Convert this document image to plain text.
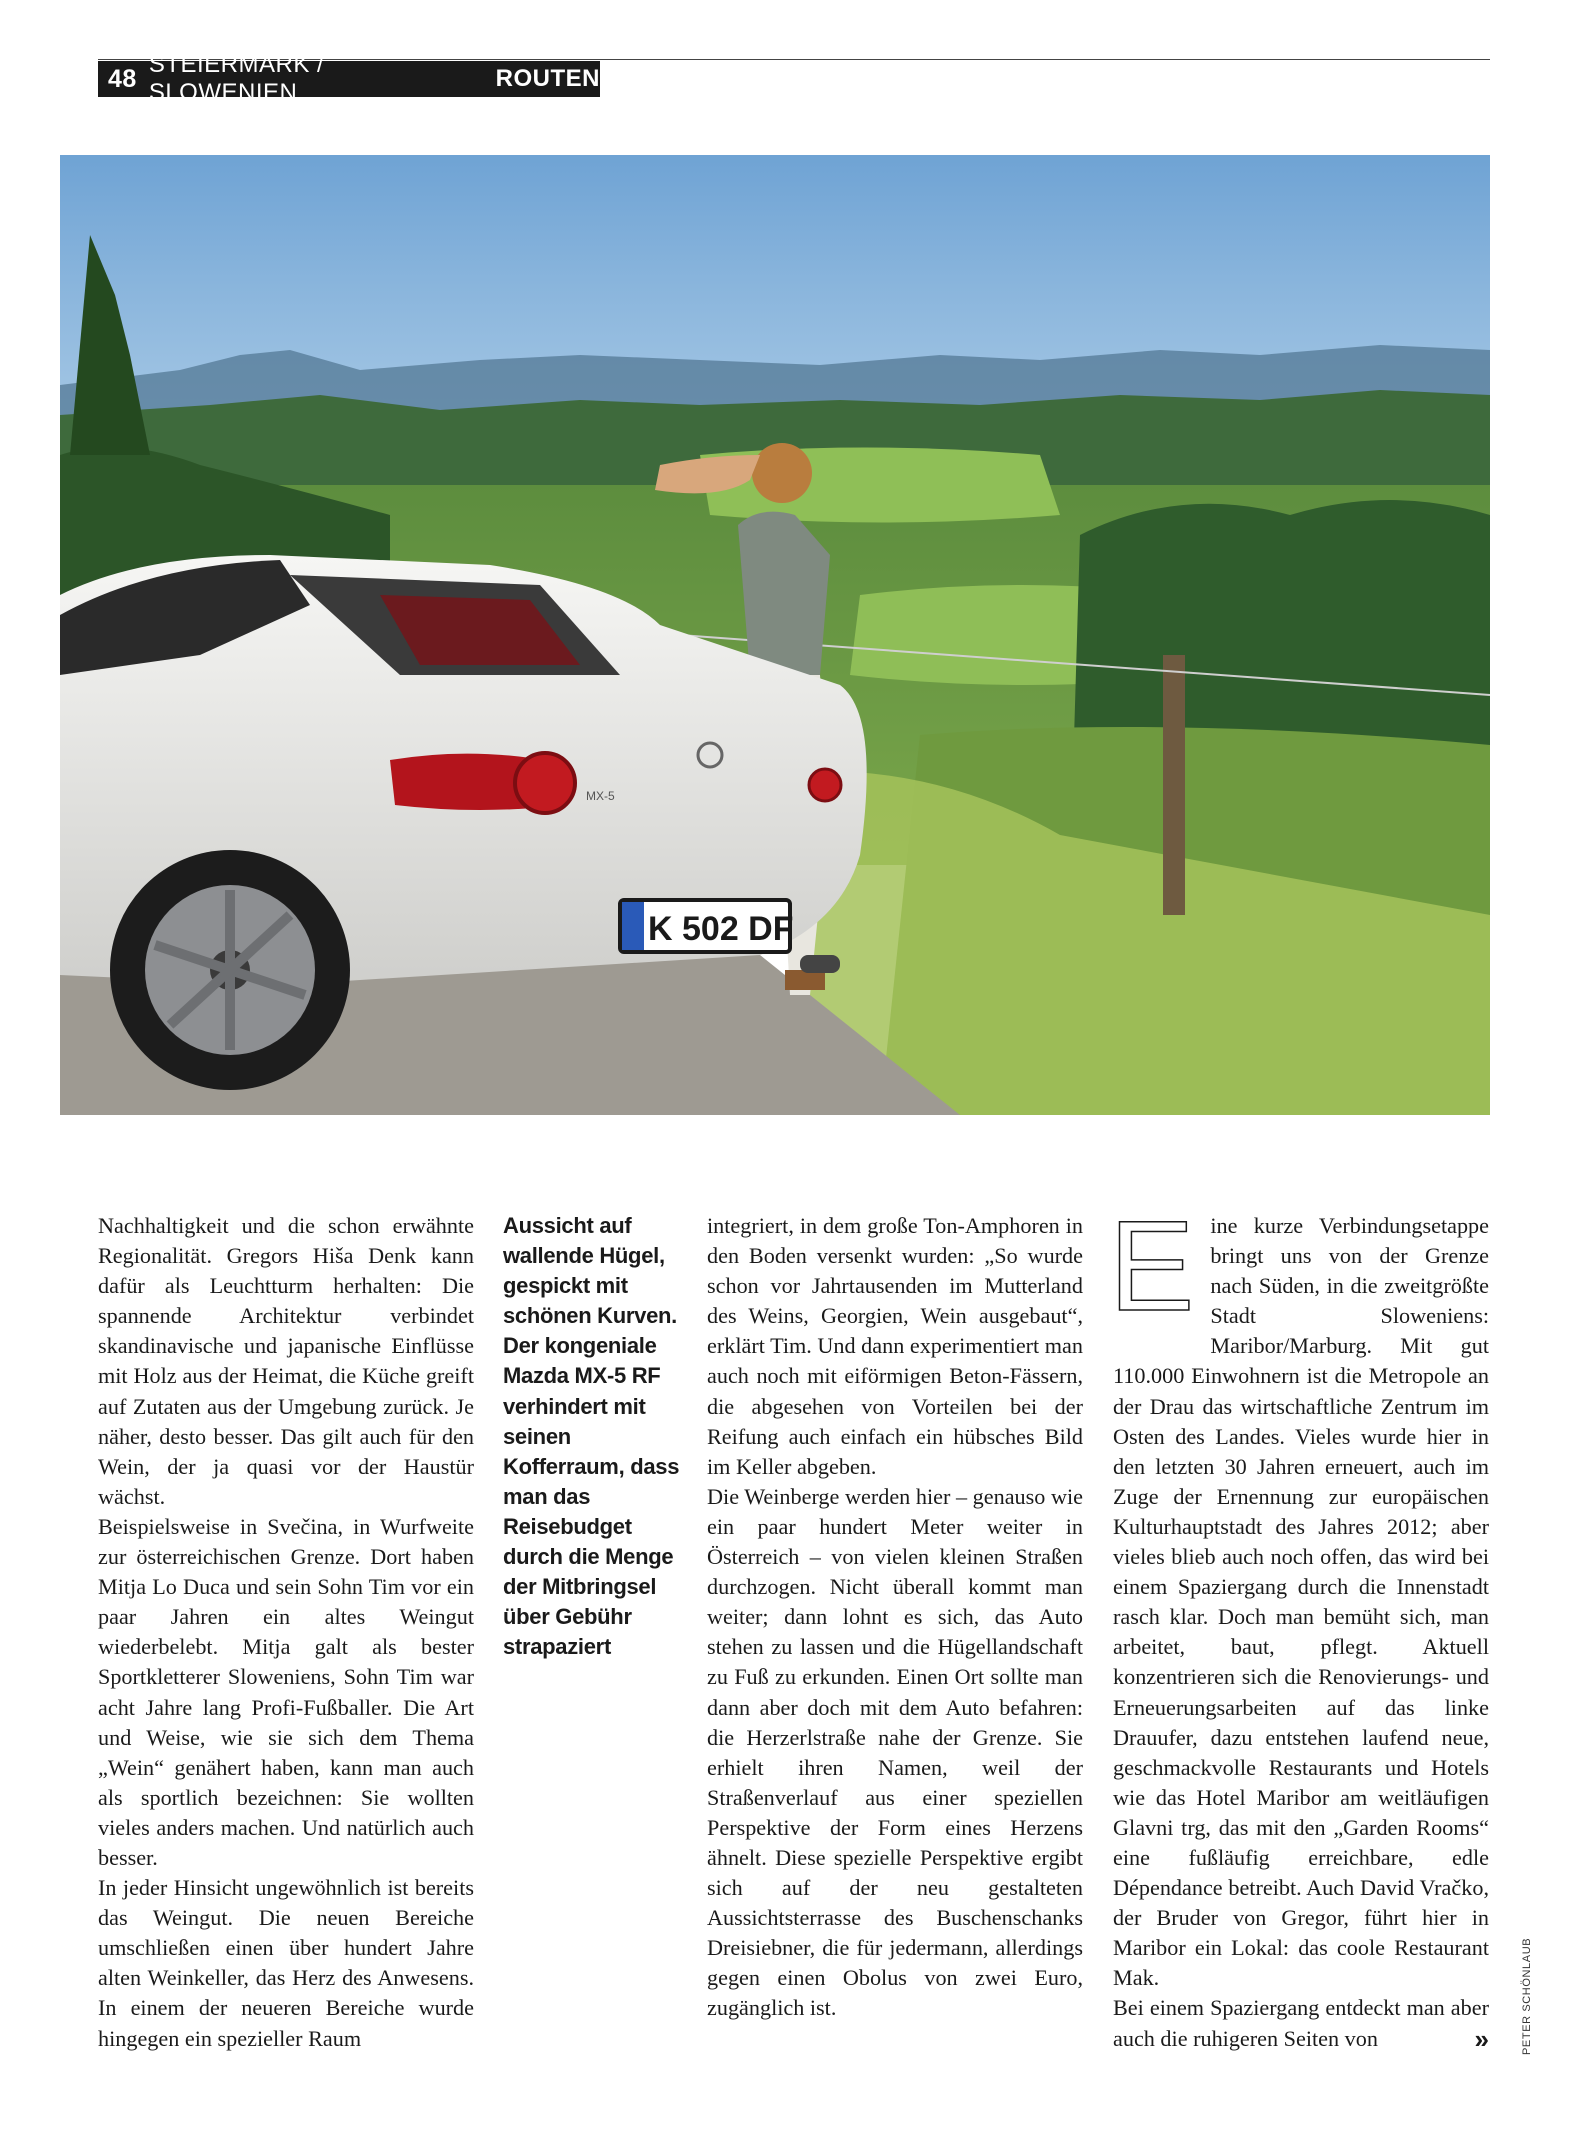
48 STEIERMARK / SLOWENIEN
ROUTEN
K 502 DF
MX-5

Nachhaltigkeit und die schon erwähnte Regionalität. Gregors Hiša Denk kann dafür als Leuchtturm herhalten: Die spannende Architektur verbindet skandinavische und japanische Einflüsse mit Holz aus der Heimat, die Küche greift auf Zutaten aus der Umgebung zurück. Je näher, desto besser. Das gilt auch für den Wein, der ja quasi vor der Haustür wächst.

Beispielsweise in Svečina, in Wurfweite zur österreichischen Grenze. Dort haben Mitja Lo Duca und sein Sohn Tim vor ein paar Jahren ein altes Weingut wiederbelebt. Mitja galt als bester Sportkletterer Sloweniens, Sohn Tim war acht Jahre lang Profi-Fußballer. Die Art und Weise, wie sie sich dem Thema „Wein“ genähert haben, kann man auch als sportlich bezeichnen: Sie wollten vieles anders machen. Und natürlich auch besser.

In jeder Hinsicht ungewöhnlich ist bereits das Weingut. Die neuen Bereiche umschließen einen über hundert Jahre alten Weinkeller, das Herz des Anwesens. In einem der neueren Bereiche wurde hingegen ein spezieller Raum

Aussicht auf wallende Hügel, gespickt mit schönen Kurven. Der kongeniale Mazda MX-5 RF verhindert mit seinen Kofferraum, dass man das Reisebudget durch die Menge der Mitbringsel über Gebühr strapaziert

integriert, in dem große Ton-Amphoren in den Boden versenkt wurden: „So wurde schon vor Jahrtausenden im Mutterland des Weins, Georgien, Wein ausgebaut“, erklärt Tim. Und dann experimentiert man auch noch mit eiförmigen Beton-Fässern, die abgesehen von Vorteilen bei der Reifung auch einfach ein hübsches Bild im Keller abgeben.

Die Weinberge werden hier – genauso wie ein paar hundert Meter weiter in Österreich – von vielen kleinen Straßen durchzogen. Nicht überall kommt man weiter; dann lohnt es sich, das Auto stehen zu lassen und die Hügellandschaft zu Fuß zu erkunden. Einen Ort sollte man dann aber doch mit dem Auto befahren: die Herzerlstraße nahe der Grenze. Sie erhielt ihren Namen, weil der Straßenverlauf aus einer speziellen Perspektive der Form eines Herzens ähnelt. Diese spezielle Perspektive ergibt sich auf der neu gestalteten Aussichtsterrasse des Buschenschanks Dreisiebner, die für jedermann, allerdings gegen einen Obolus von zwei Euro, zugänglich ist.

Eine kurze Verbindungsetappe bringt uns von der Grenze nach Süden, in die zweitgrößte Stadt Sloweniens: Maribor/Marburg. Mit gut 110.000 Einwohnern ist die Metropole an der Drau das wirtschaftliche Zentrum im Osten des Landes. Vieles wurde hier in den letzten 30 Jahren erneuert, auch im Zuge der Ernennung zur europäischen Kulturhauptstadt des Jahres 2012; aber vieles blieb auch noch offen, das wird bei einem Spaziergang durch die Innenstadt rasch klar. Doch man bemüht sich, man arbeitet, baut, pflegt. Aktuell konzentrieren sich die Renovierungs- und Erneuerungsarbeiten auf das linke Drauufer, dazu entstehen laufend neue, geschmackvolle Restaurants und Hotels wie das Hotel Maribor am weitläufigen Glavni trg, das mit den „Garden Rooms“ eine fußläufig erreichbare, edle Dépendance betreibt. Auch David Vračko, der Bruder von Gregor, führt hier in Maribor ein Lokal: das coole Restaurant Mak.

Bei einem Spaziergang entdeckt man aber auch die ruhigeren Seiten von	»	PETER SCHÖNLAUB
